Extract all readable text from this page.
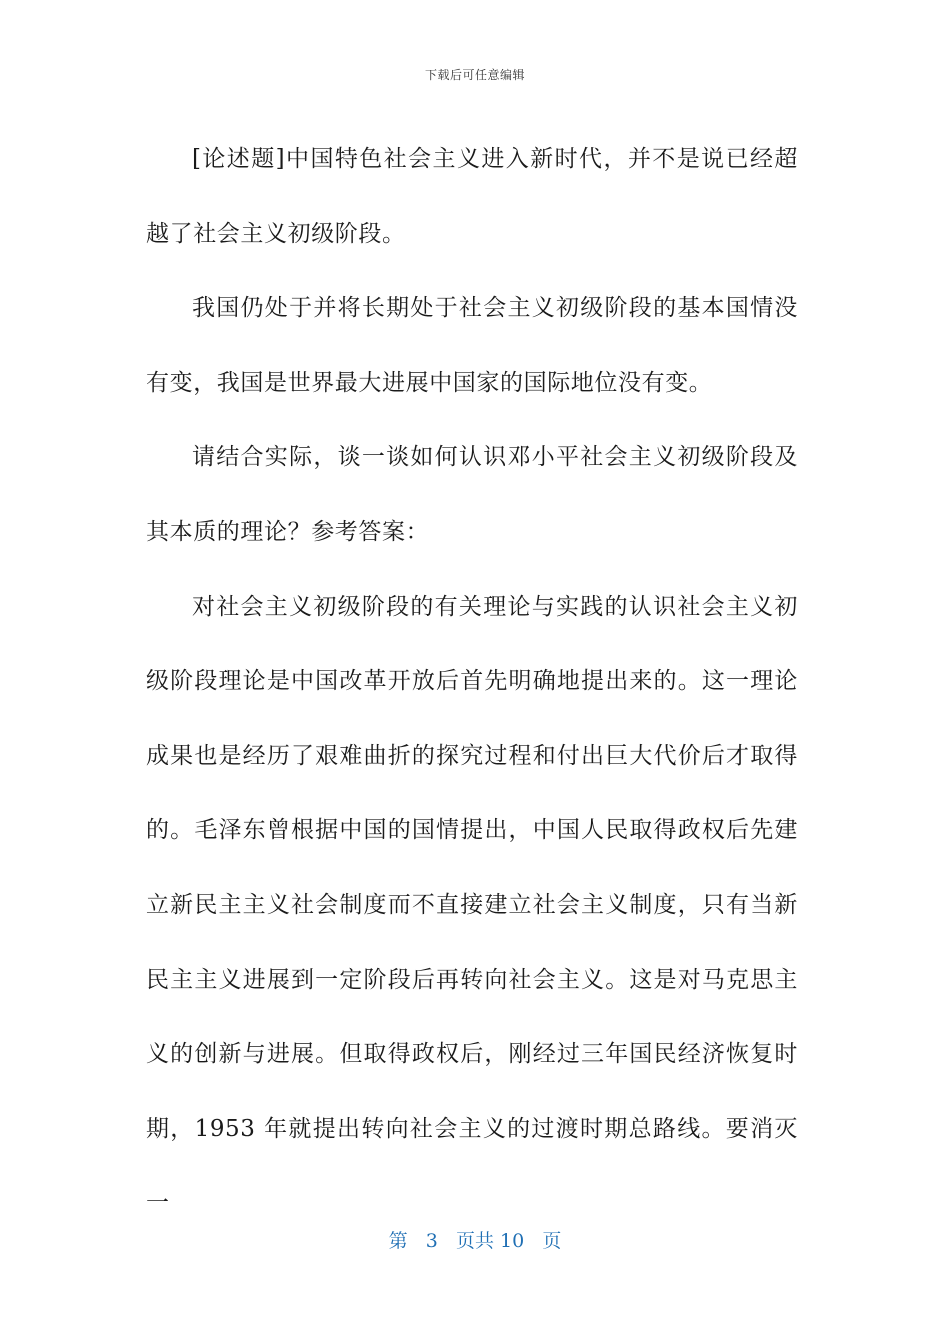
下载后可任意编辑

[论述题]中国特色社会主义进入新时代，并不是说已经超越了社会主义初级阶段。

我国仍处于并将长期处于社会主义初级阶段的基本国情没有变，我国是世界最大进展中国家的国际地位没有变。

请结合实际，谈一谈如何认识邓小平社会主义初级阶段及其本质的理论？参考答案：

对社会主义初级阶段的有关理论与实践的认识社会主义初级阶段理论是中国改革开放后首先明确地提出来的。这一理论成果也是经历了艰难曲折的探究过程和付出巨大代价后才取得的。毛泽东曾根据中国的国情提出，中国人民取得政权后先建立新民主主义社会制度而不直接建立社会主义制度，只有当新民主主义进展到一定阶段后再转向社会主义。这是对马克思主义的创新与进展。但取得政权后，刚经过三年国民经济恢复时期，1953 年就提出转向社会主义的过渡时期总路线。要消灭一

第 3 页共 10 页
